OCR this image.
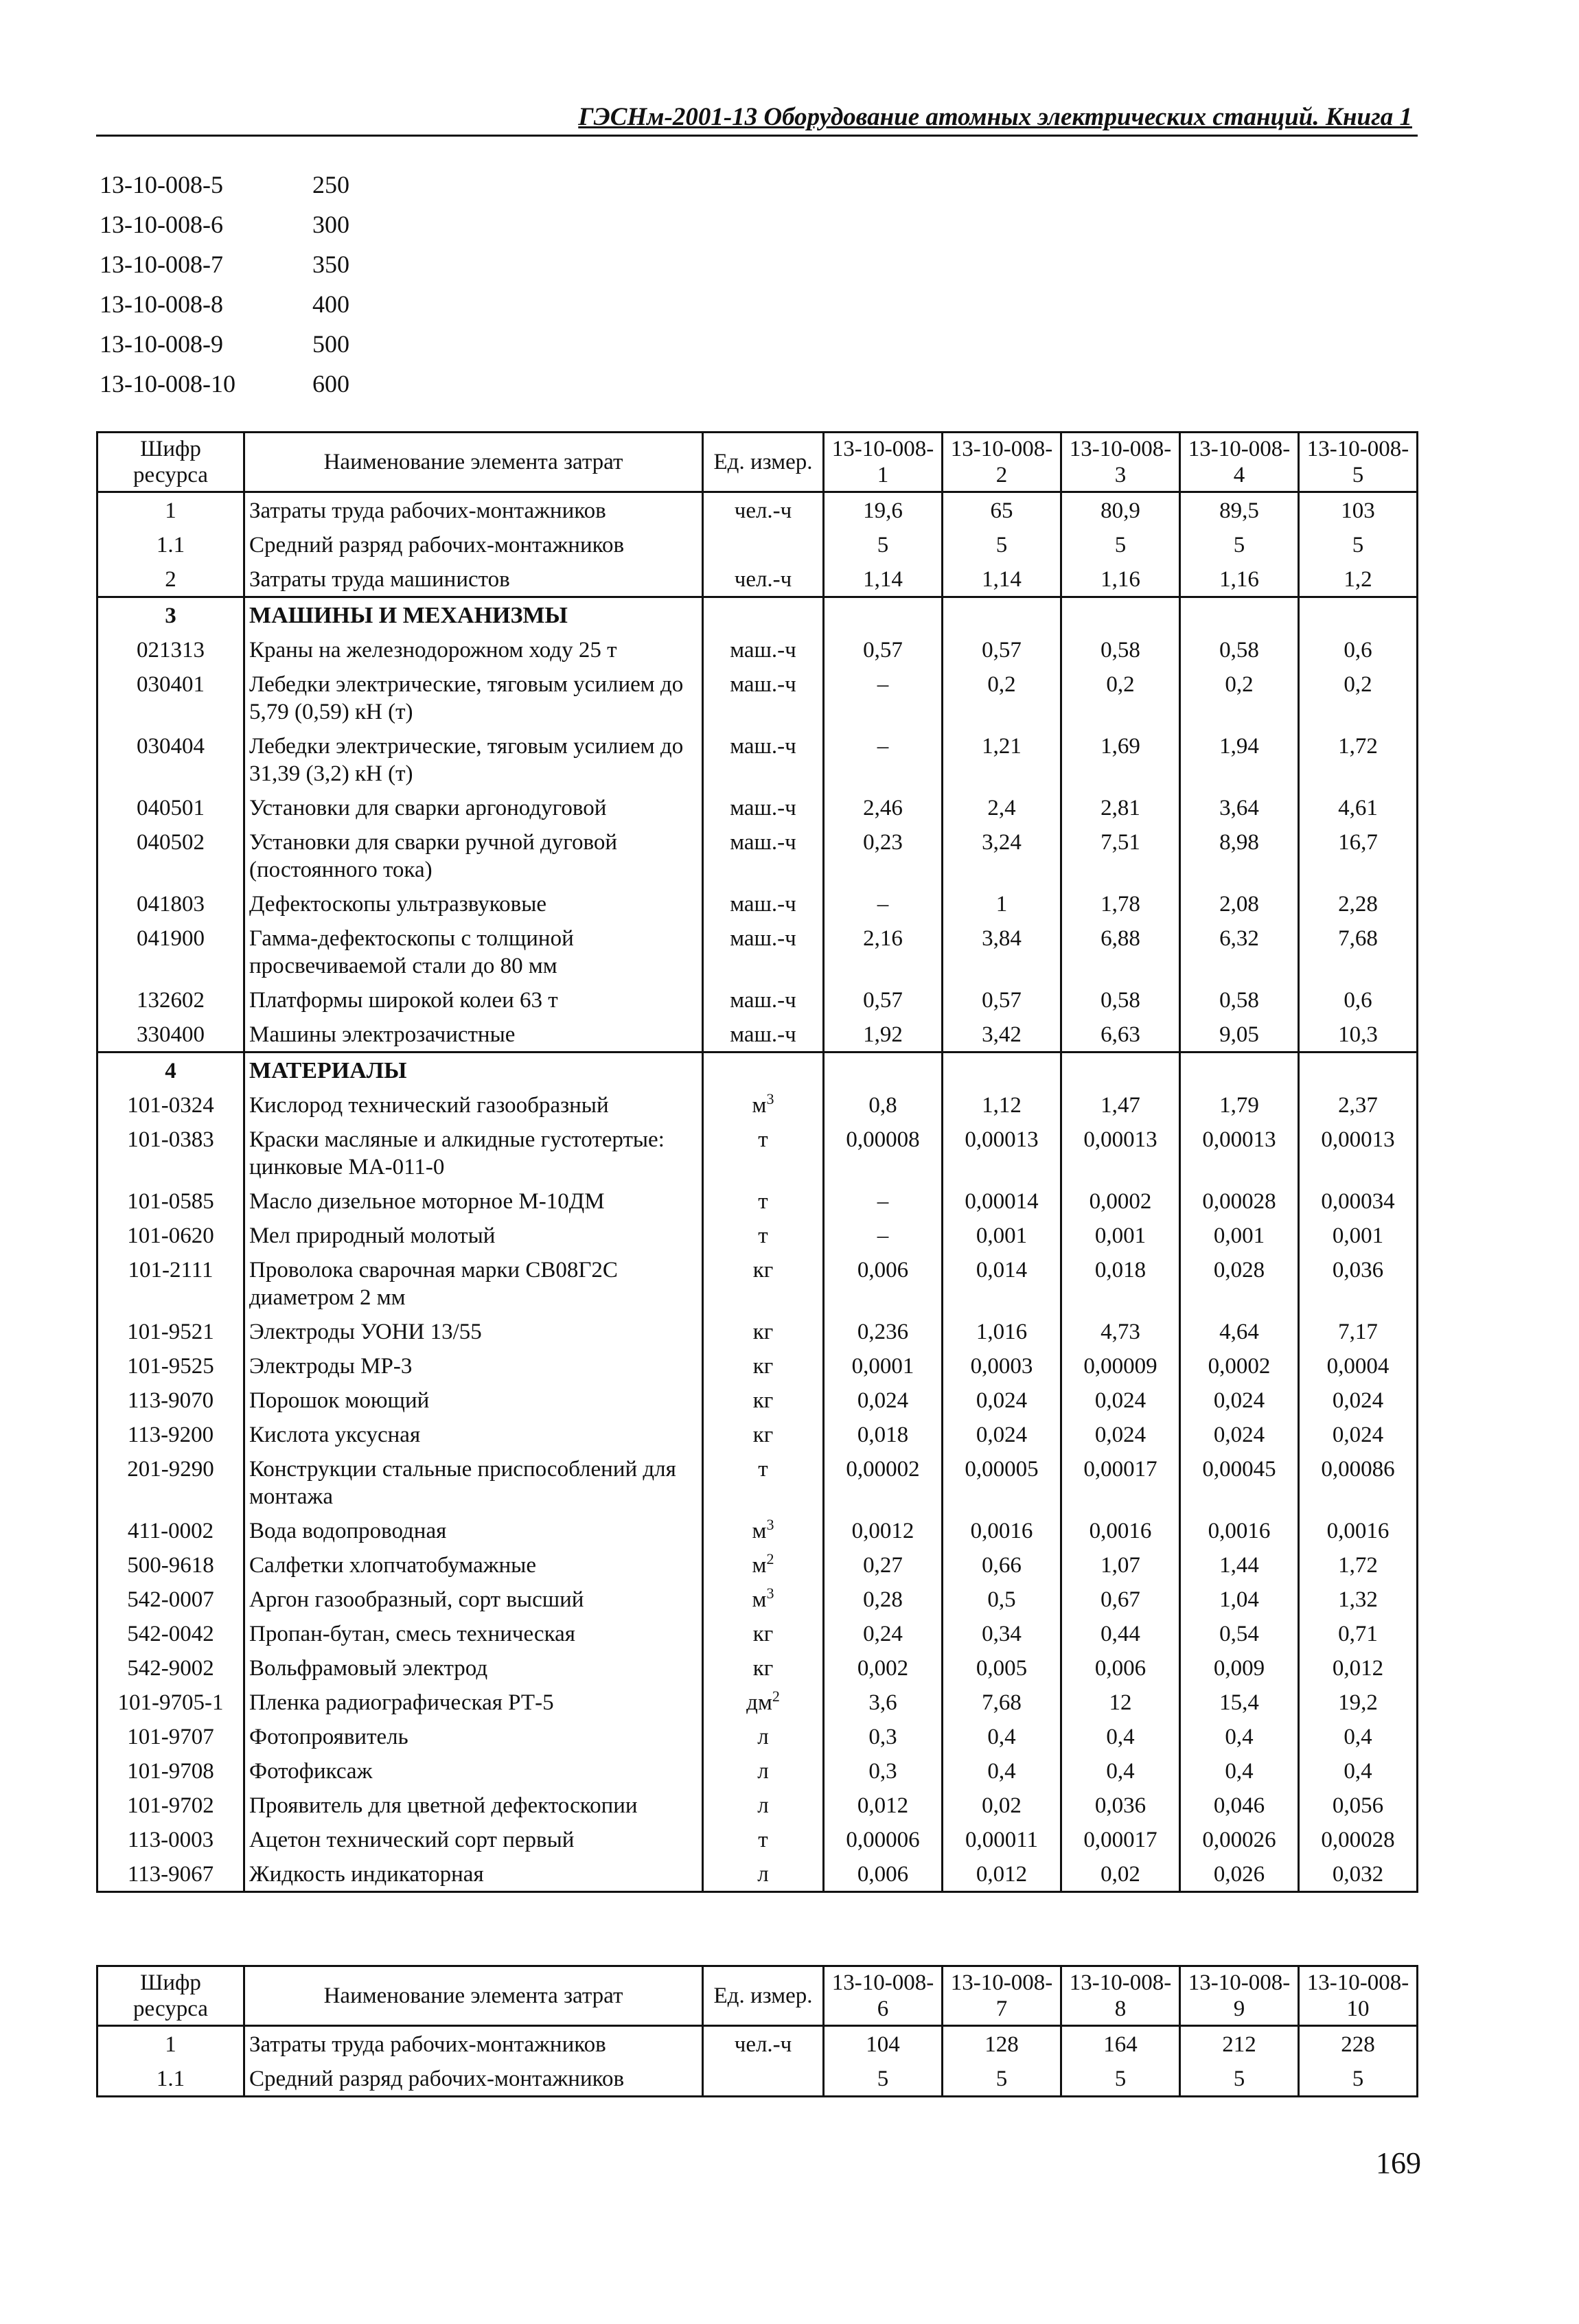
ГЭСНм-2001-13 Оборудование атомных электрических станций. Книга 1
13-10-008-5	250
13-10-008-6	300
13-10-008-7	350
13-10-008-8	400
13-10-008-9	500
13-10-008-10	600
Шифр ресурса	Наименование элемента затрат	Ед. измер.	13-10-008-1	13-10-008-2	13-10-008-3	13-10-008-4	13-10-008-5
1	Затраты труда рабочих-монтажников	чел.-ч	19,6	65	80,9	89,5	103
1.1	Средний разряд рабочих-монтажников		5	5	5	5	5
2	Затраты труда машинистов	чел.-ч	1,14	1,14	1,16	1,16	1,2
3	МАШИНЫ И МЕХАНИЗМЫ						
021313	Краны на железнодорожном ходу 25 т	маш.-ч	0,57	0,57	0,58	0,58	0,6
030401	Лебедки электрические, тяговым усилием до 5,79 (0,59) кН (т)	маш.-ч	–	0,2	0,2	0,2	0,2
030404	Лебедки электрические, тяговым усилием до 31,39 (3,2) кН (т)	маш.-ч	–	1,21	1,69	1,94	1,72
040501	Установки для сварки аргонодуговой	маш.-ч	2,46	2,4	2,81	3,64	4,61
040502	Установки для сварки ручной дуговой (постоянного тока)	маш.-ч	0,23	3,24	7,51	8,98	16,7
041803	Дефектоскопы ультразвуковые	маш.-ч	–	1	1,78	2,08	2,28
041900	Гамма-дефектоскопы с толщиной просвечиваемой стали до 80 мм	маш.-ч	2,16	3,84	6,88	6,32	7,68
132602	Платформы широкой колеи 63 т	маш.-ч	0,57	0,57	0,58	0,58	0,6
330400	Машины электрозачистные	маш.-ч	1,92	3,42	6,63	9,05	10,3
4	МАТЕРИАЛЫ						
101-0324	Кислород технический газообразный	$м^3$	0,8	1,12	1,47	1,79	2,37
101-0383	Краски масляные и алкидные густотертые: цинковые МА-011-0	т	0,00008	0,00013	0,00013	0,00013	0,00013
101-0585	Масло дизельное моторное М-10ДМ	т	–	0,00014	0,0002	0,00028	0,00034
101-0620	Мел природный молотый	т	–	0,001	0,001	0,001	0,001
101-2111	Проволока сварочная марки СВ08Г2С диаметром 2 мм	кг	0,006	0,014	0,018	0,028	0,036
101-9521	Электроды УОНИ 13/55	кг	0,236	1,016	4,73	4,64	7,17
101-9525	Электроды МР-3	кг	0,0001	0,0003	0,00009	0,0002	0,0004
113-9070	Порошок моющий	кг	0,024	0,024	0,024	0,024	0,024
113-9200	Кислота уксусная	кг	0,018	0,024	0,024	0,024	0,024
201-9290	Конструкции стальные приспособлений для монтажа	т	0,00002	0,00005	0,00017	0,00045	0,00086
411-0002	Вода водопроводная	$м^3$	0,0012	0,0016	0,0016	0,0016	0,0016
500-9618	Салфетки хлопчатобумажные	$м^2$	0,27	0,66	1,07	1,44	1,72
542-0007	Аргон газообразный, сорт высший	$м^3$	0,28	0,5	0,67	1,04	1,32
542-0042	Пропан-бутан, смесь техническая	кг	0,24	0,34	0,44	0,54	0,71
542-9002	Вольфрамовый электрод	кг	0,002	0,005	0,006	0,009	0,012
101-9705-1	Пленка радиографическая РТ-5	$дм^2$	3,6	7,68	12	15,4	19,2
101-9707	Фотопроявитель	л	0,3	0,4	0,4	0,4	0,4
101-9708	Фотофиксаж	л	0,3	0,4	0,4	0,4	0,4
101-9702	Проявитель для цветной дефектоскопии	л	0,012	0,02	0,036	0,046	0,056
113-0003	Ацетон технический сорт первый	т	0,00006	0,00011	0,00017	0,00026	0,00028
113-9067	Жидкость индикаторная	л	0,006	0,012	0,02	0,026	0,032
Шифр ресурса	Наименование элемента затрат	Ед. измер.	13-10-008-6	13-10-008-7	13-10-008-8	13-10-008-9	13-10-008-10
1	Затраты труда рабочих-монтажников	чел.-ч	104	128	164	212	228
1.1	Средний разряд рабочих-монтажников		5	5	5	5	5
169
